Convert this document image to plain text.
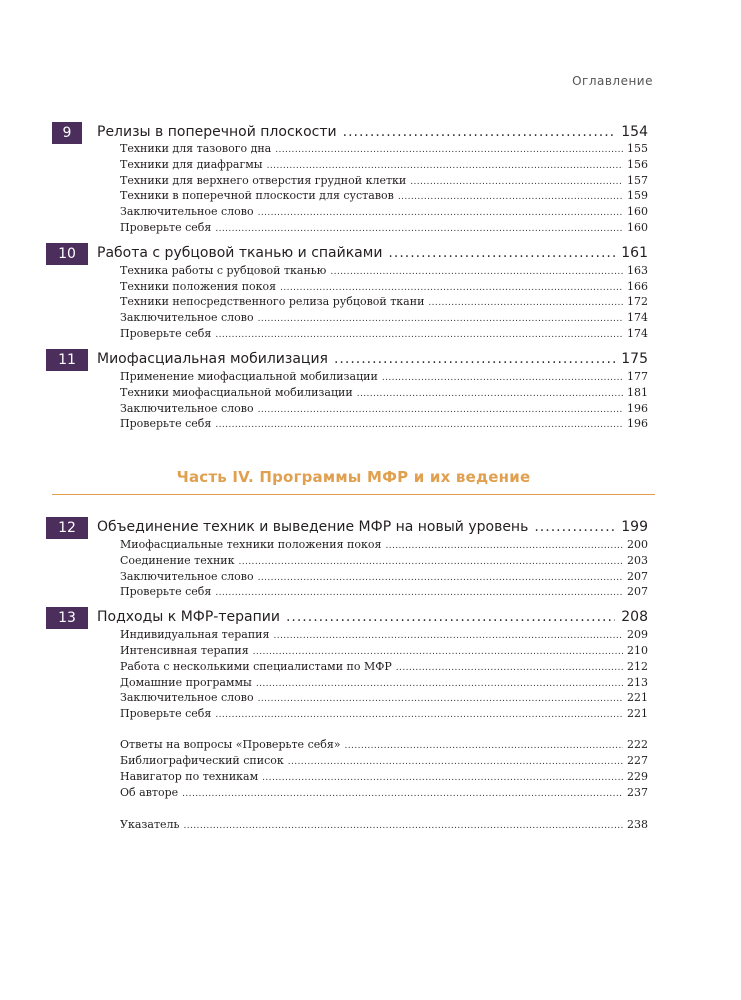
Оглавление
9	Релизы в поперечной плоскости .....	154
Техники для тазового дна .....	155
Техники для диафрагмы .....	156
Техники для верхнего отверстия грудной клетки .....	157
Техники в поперечной плоскости для суставов .....	159
Заключительное слово .....	160
Проверьте себя .....	160
10	Работа с рубцовой тканью и спайками .....	161
Техника работы с рубцовой тканью .....	163
Техники положения покоя .....	166
Техники непосредственного релиза рубцовой ткани .....	172
Заключительное слово .....	174
Проверьте себя .....	174
11	Миофасциальная мобилизация .....	175
Применение миофасциальной мобилизации .....	177
Техники миофасциальной мобилизации .....	181
Заключительное слово .....	196
Проверьте себя .....	196
Часть IV. Программы МФР и их ведение
12	Объединение техник и выведение МФР на новый уровень .....	199
Миофасциальные техники положения покоя .....	200
Соединение техник .....	203
Заключительное слово .....	207
Проверьте себя .....	207
13	Подходы к МФР-терапии .....	208
Индивидуальная терапия .....	209
Интенсивная терапия .....	210
Работа с несколькими специалистами по МФР .....	212
Домашние программы .....	213
Заключительное слово .....	221
Проверьте себя .....	221
Ответы на вопросы «Проверьте себя» .....	222
Библиографический список .....	227
Навигатор по техникам .....	229
Об авторе .....	237
Указатель .....	238
